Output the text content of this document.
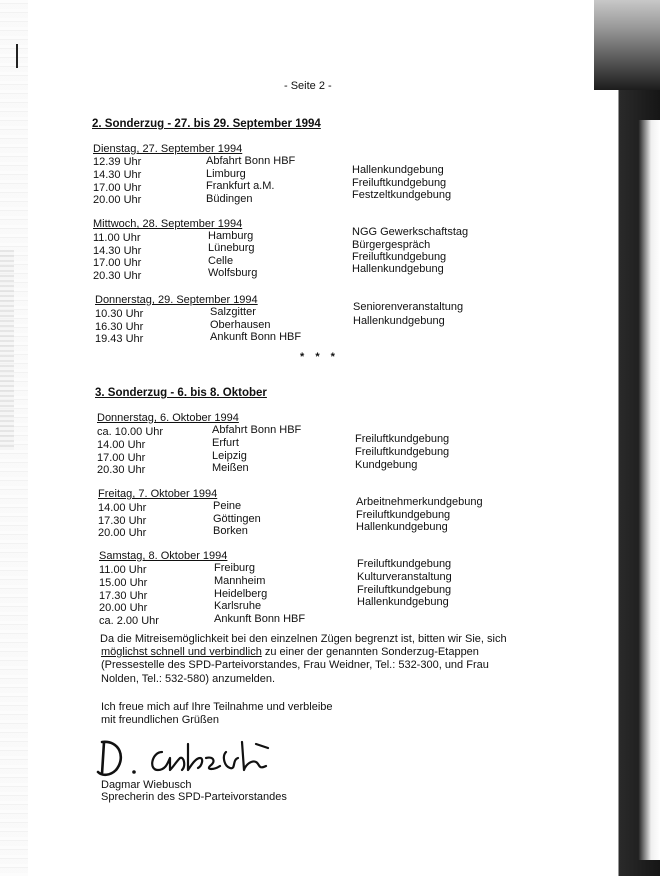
- Seite 2 -
2. Sonderzug - 27. bis 29. September 1994
Dienstag, 27. September 1994
12.39 Uhr	Abfahrt Bonn HBF
14.30 Uhr	Limburg	Hallenkundgebung
17.00 Uhr	Frankfurt a.M.	Freiluftkundgebung
20.00 Uhr	Büdingen	Festzeltkundgebung
Mittwoch, 28. September 1994
11.00 Uhr	Hamburg	NGG Gewerkschaftstag
14.30 Uhr	Lüneburg	Bürgergespräch
17.00 Uhr	Celle	Freiluftkundgebung
20.30 Uhr	Wolfsburg	Hallenkundgebung
Donnerstag, 29. September 1994
10.30 Uhr	Salzgitter	Seniorenveranstaltung
16.30 Uhr	Oberhausen	Hallenkundgebung
19.43 Uhr	Ankunft Bonn HBF
* * *
3. Sonderzug - 6. bis 8. Oktober
Donnerstag, 6. Oktober 1994
ca. 10.00 Uhr	Abfahrt Bonn HBF
14.00 Uhr	Erfurt	Freiluftkundgebung
17.00 Uhr	Leipzig	Freiluftkundgebung
20.30 Uhr	Meißen	Kundgebung
Freitag, 7. Oktober 1994
14.00 Uhr	Peine	Arbeitnehmerkundgebung
17.30 Uhr	Göttingen	Freiluftkundgebung
20.00 Uhr	Borken	Hallenkundgebung
Samstag, 8. Oktober 1994
11.00 Uhr	Freiburg	Freiluftkundgebung
15.00 Uhr	Mannheim	Kulturveranstaltung
17.30 Uhr	Heidelberg	Freiluftkundgebung
20.00 Uhr	Karlsruhe	Hallenkundgebung
ca. 2.00 Uhr	Ankunft Bonn HBF
Da die Mitreisemöglichkeit bei den einzelnen Zügen begrenzt ist, bitten wir Sie, sich
möglichst schnell und verbindlich zu einer der genannten Sonderzug-Etappen
(Pressestelle des SPD-Parteivorstandes, Frau Weidner, Tel.: 532-300, und Frau
Nolden, Tel.: 532-580) anzumelden.
Ich freue mich auf Ihre Teilnahme und verbleibe
mit freundlichen Grüßen
Dagmar Wiebusch
Sprecherin des SPD-Parteivorstandes
